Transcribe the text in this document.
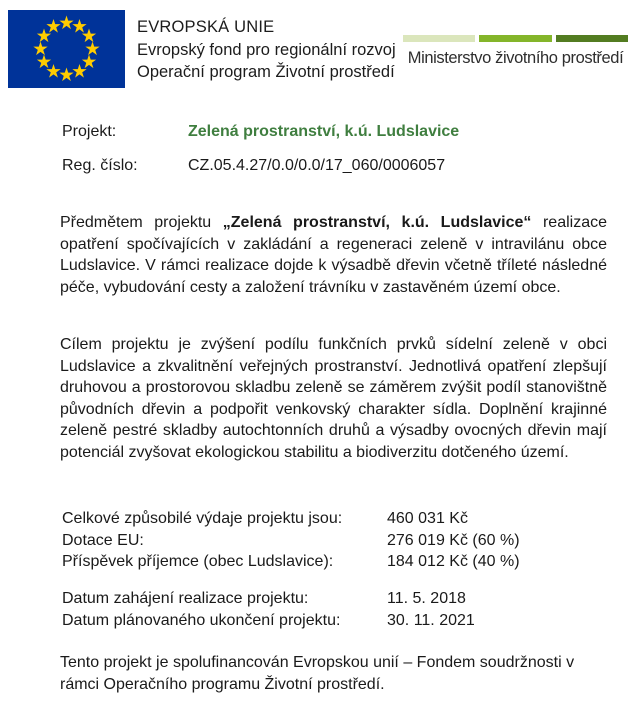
EVROPSKÁ UNIE
Evropský fond pro regionální rozvoj
Operační program Životní prostředí
Ministerstvo životního prostředí
Projekt:	Zelená prostranství, k.ú. Ludslavice
Reg. číslo:	CZ.05.4.27/0.0/0.0/17_060/0006057

Předmětem projektu „Zelená prostranství, k.ú. Ludslavice“ realizace opatření spočívajících v zakládání a regeneraci zeleně v intravilánu obce Ludslavice. V rámci realizace dojde k výsadbě dřevin včetně tříleté následné péče, vybudování cesty a založení trávníku v zastavěném území obce.

Cílem projektu je zvýšení podílu funkčních prvků sídelní zeleně v obci Ludslavice a zkvalitnění veřejných prostranství. Jednotlivá opatření zlepšují druhovou a prostorovou skladbu zeleně se záměrem zvýšit podíl stanovištně původních dřevin a podpořit venkovský charakter sídla. Doplnění krajinné zeleně pestré skladby autochtonních druhů a výsadby ovocných dřevin mají potenciál zvyšovat ekologickou stabilitu a biodiverzitu dotčeného území.

Celkové způsobilé výdaje projektu jsou:	460 031 Kč
Dotace EU:	276 019 Kč (60 %)
Příspěvek příjemce (obec Ludslavice):	184 012 Kč (40 %)
Datum zahájení realizace projektu:	11. 5. 2018
Datum plánovaného ukončení projektu:	30. 11. 2021

Tento projekt je spolufinancován Evropskou unií – Fondem soudržnosti v rámci Operačního programu Životní prostředí.
